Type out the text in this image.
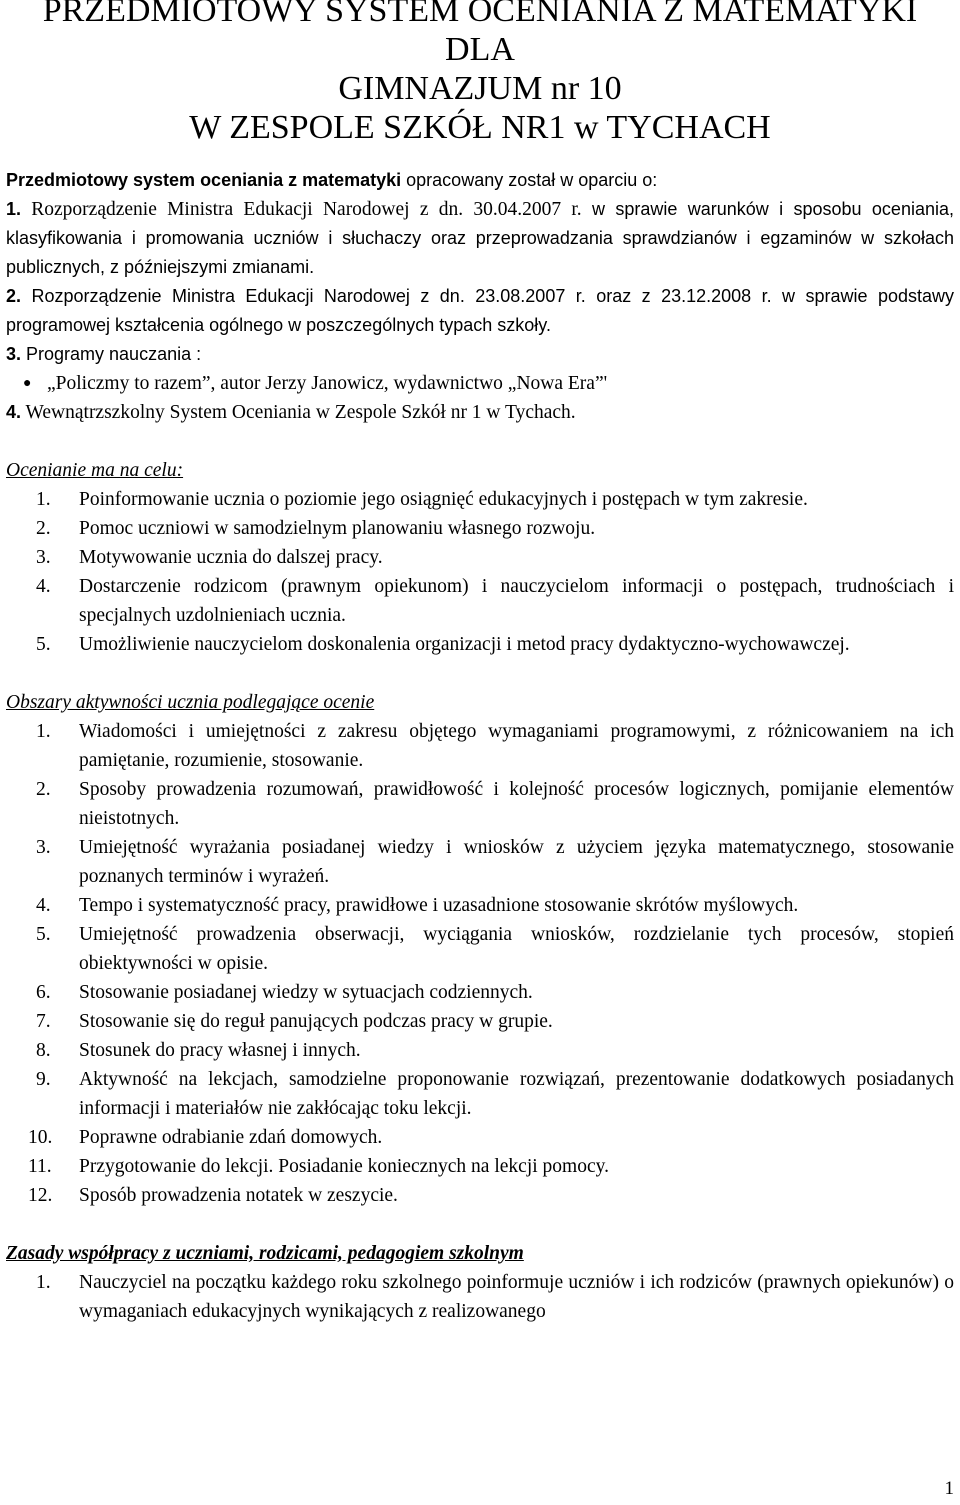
PRZEDMIOTOWY SYSTEM OCENIANIA Z MATEMATYKI
DLA
GIMNAZJUM nr 10
W ZESPOLE SZKÓŁ NR1 w TYCHACH

Przedmiotowy system oceniania z matematyki opracowany został w oparciu o:

1. Rozporządzenie Ministra Edukacji Narodowej z dn. 30.04.2007 r. w sprawie warunków i sposobu oceniania, klasyfikowania i promowania uczniów i słuchaczy oraz przeprowadzania sprawdzianów i egzaminów w szkołach publicznych, z późniejszymi zmianami.

2. Rozporządzenie Ministra Edukacji Narodowej z dn. 23.08.2007 r. oraz z 23.12.2008 r. w sprawie podstawy programowej kształcenia ogólnego w poszczególnych typach szkoły.

3. Programy nauczania :

● „Policzmy to razem”, autor Jerzy Janowicz, wydawnictwo „Nowa Era”'

4. Wewnątrzszkolny System Oceniania w Zespole Szkół nr 1 w Tychach.

Ocenianie ma na celu:

1. Poinformowanie ucznia o poziomie jego osiągnięć edukacyjnych i postępach w tym zakresie.
2. Pomoc uczniowi w samodzielnym planowaniu własnego rozwoju.
3. Motywowanie ucznia do dalszej pracy.
4. Dostarczenie rodzicom (prawnym opiekunom) i nauczycielom informacji o postępach, trudnościach i specjalnych uzdolnieniach ucznia.
5. Umożliwienie nauczycielom doskonalenia organizacji i metod pracy dydaktyczno-wychowawczej.

Obszary aktywności ucznia podlegające ocenie

1. Wiadomości i umiejętności z zakresu objętego wymaganiami programowymi, z różnicowaniem na ich pamiętanie, rozumienie, stosowanie.
2. Sposoby prowadzenia rozumowań, prawidłowość i kolejność procesów logicznych, pomijanie elementów nieistotnych.
3. Umiejętność wyrażania posiadanej wiedzy i wniosków z użyciem języka matematycznego, stosowanie poznanych terminów i wyrażeń.
4. Tempo i systematyczność pracy, prawidłowe i uzasadnione stosowanie skrótów myślowych.
5. Umiejętność prowadzenia obserwacji, wyciągania wniosków, rozdzielanie tych procesów, stopień obiektywności w opisie.
6. Stosowanie posiadanej wiedzy w sytuacjach codziennych.
7. Stosowanie się do reguł panujących podczas pracy w grupie.
8. Stosunek do pracy własnej i innych.
9. Aktywność na lekcjach, samodzielne proponowanie rozwiązań, prezentowanie dodatkowych posiadanych informacji i materiałów nie zakłócając toku lekcji.
10. Poprawne odrabianie zdań domowych.
11. Przygotowanie do lekcji. Posiadanie koniecznych na lekcji pomocy.
12. Sposób prowadzenia notatek w zeszycie.

Zasady współpracy z uczniami, rodzicami, pedagogiem szkolnym

1. Nauczyciel na początku każdego roku szkolnego poinformuje uczniów i ich rodziców (prawnych opiekunów) o wymaganiach edukacyjnych wynikających z realizowanego
1
